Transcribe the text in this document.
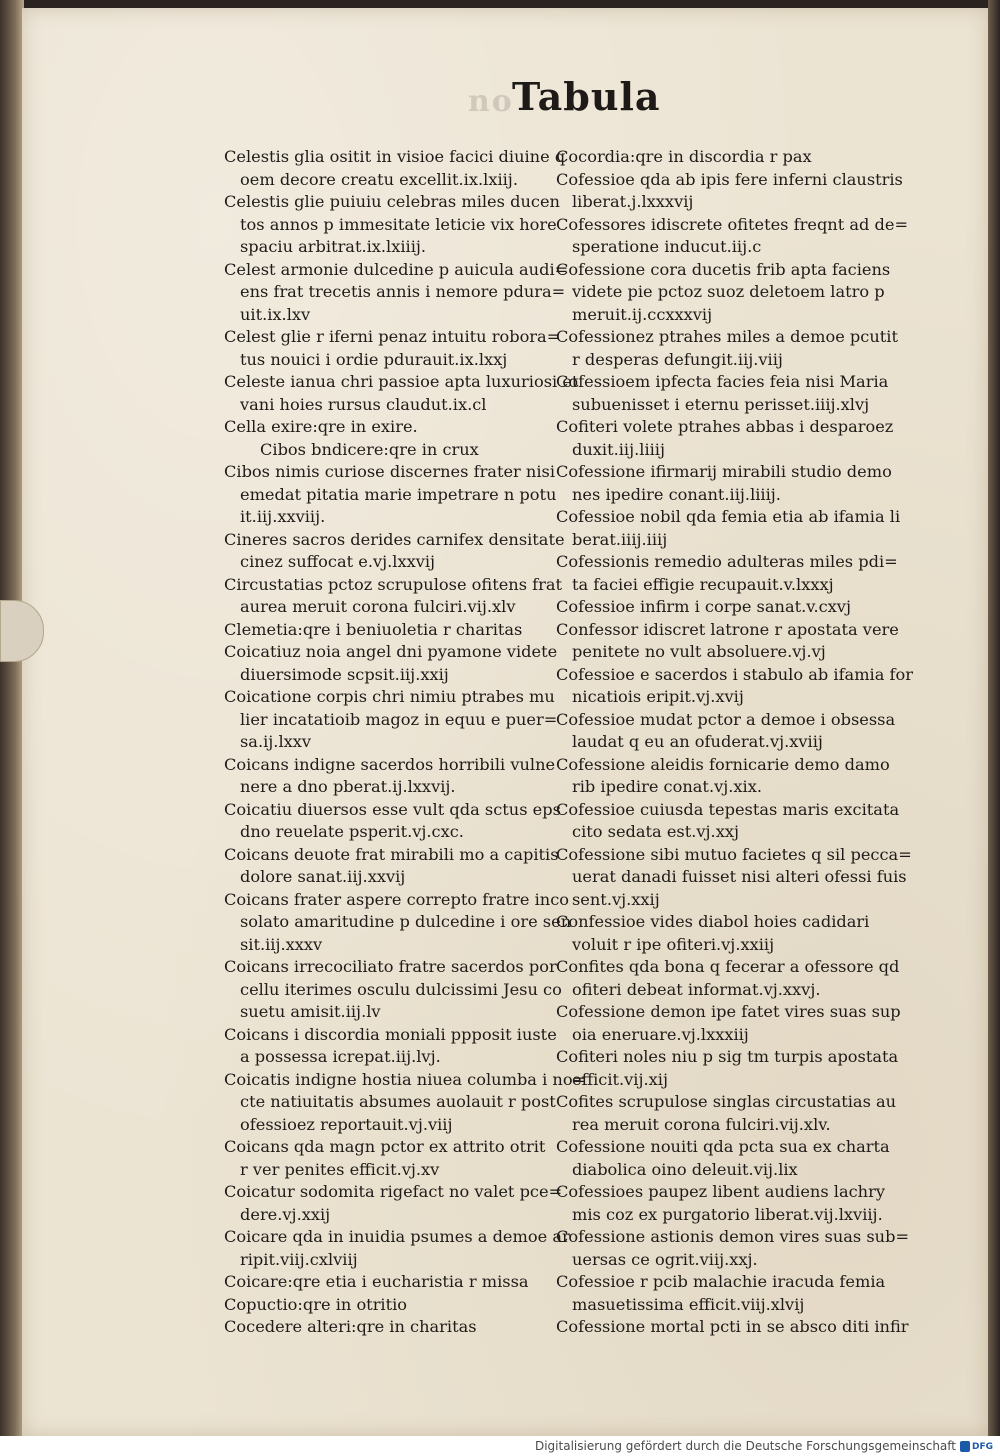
no
Tabula
Celestis glia ositit in visioe facici diuine q
oem decore creatu excellit.ix.lxiij.
Celestis glie puiuiu celebras miles ducen
tos annos p immesitate leticie vix hore
spaciu arbitrat.ix.lxiiij.
Celest armonie dulcedine p auicula audi=
ens frat trecetis annis i nemore pdura=
uit.ix.lxv
Celest glie r iferni penaz intuitu robora=
tus nouici i ordie pdurauit.ix.lxxj
Celeste ianua chri passioe apta luxuriosi et
vani hoies rursus claudut.ix.cl
Cella exire:qre in exire.
Cibos bndicere:qre in crux
Cibos nimis curiose discernes frater nisi
emedat pitatia marie impetrare n potu
it.iij.xxviij.
Cineres sacros derides carnifex densitate
cinez suffocat e.vj.lxxvij
Circustatias pctoz scrupulose ofitens frat
aurea meruit corona fulciri.vij.xlv
Clemetia:qre i beniuoletia r charitas
Coicatiuz noia angel dni pyamone videte
diuersimode scpsit.iij.xxij
Coicatione corpis chri nimiu ptrabes mu
lier incatatioib magoz in equu e puer=
sa.ij.lxxv
Coicans indigne sacerdos horribili vulne
nere a dno pberat.ij.lxxvij.
Coicatiu diuersos esse vult qda sctus eps
dno reuelate psperit.vj.cxc.
Coicans deuote frat mirabili mo a capitis
dolore sanat.iij.xxvij
Coicans frater aspere correpto fratre inco
solato amaritudine p dulcedine i ore sen
sit.iij.xxxv
Coicans irrecociliato fratre sacerdos por
cellu iterimes osculu dulcissimi Jesu co
suetu amisit.iij.lv
Coicans i discordia moniali ppposit iuste
a possessa icrepat.iij.lvj.
Coicatis indigne hostia niuea columba i no=
cte natiuitatis absumes auolauit r post
ofessioez reportauit.vj.viij
Coicans qda magn pctor ex attrito otrit
r ver penites efficit.vj.xv
Coicatur sodomita rigefact no valet pce=
dere.vj.xxij
Coicare qda in inuidia psumes a demoe ar
ripit.viij.cxlviij
Coicare:qre etia i eucharistia r missa
Copuctio:qre in otritio
Cocedere alteri:qre in charitas
Cocordia:qre in discordia r pax
Cofessioe qda ab ipis fere inferni claustris
liberat.j.lxxxvij
Cofessores idiscrete ofitetes freqnt ad de=
speratione inducut.iij.c
Cofessione cora ducetis frib apta faciens
videte pie pctoz suoz deletoem latro p
meruit.ij.ccxxxvij
Cofessionez ptrahes miles a demoe pcutit
r desperas defungit.iij.viij
Cofessioem ipfecta facies feia nisi Maria
subuenisset i eternu perisset.iiij.xlvj
Cofiteri volete ptrahes abbas i desparoez
duxit.iij.liiij
Cofessione ifirmarij mirabili studio demo
nes ipedire conant.iij.liiij.
Cofessioe nobil qda femia etia ab ifamia li
berat.iiij.iiij
Cofessionis remedio adulteras miles pdi=
ta faciei effigie recupauit.v.lxxxj
Cofessioe infirm i corpe sanat.v.cxvj
Confessor idiscret latrone r apostata vere
penitete no vult absoluere.vj.vj
Cofessioe e sacerdos i stabulo ab ifamia for
nicatiois eripit.vj.xvij
Cofessioe mudat pctor a demoe i obsessa
laudat q eu an ofuderat.vj.xviij
Cofessione aleidis fornicarie demo damo
rib ipedire conat.vj.xix.
Cofessioe cuiusda tepestas maris excitata
cito sedata est.vj.xxj
Cofessione sibi mutuo facietes q sil pecca=
uerat danadi fuisset nisi alteri ofessi fuis
sent.vj.xxij
Confessioe vides diabol hoies cadidari
voluit r ipe ofiteri.vj.xxiij
Confites qda bona q fecerar a ofessore qd
ofiteri debeat informat.vj.xxvj.
Cofessione demon ipe fatet vires suas sup
oia eneruare.vj.lxxxiij
Cofiteri noles niu p sig tm turpis apostata
efficit.vij.xij
Cofites scrupulose singlas circustatias au
rea meruit corona fulciri.vij.xlv.
Cofessione nouiti qda pcta sua ex charta
diabolica oino deleuit.vij.lix
Cofessioes paupez libent audiens lachry
mis coz ex purgatorio liberat.vij.lxviij.
Cofessione astionis demon vires suas sub=
uersas ce ogrit.viij.xxj.
Cofessioe r pcib malachie iracuda femia
masuetissima efficit.viij.xlvij
Cofessione mortal pcti in se absco diti infir
Digitalisierung gefördert durch die Deutsche Forschungsgemeinschaft DFG
